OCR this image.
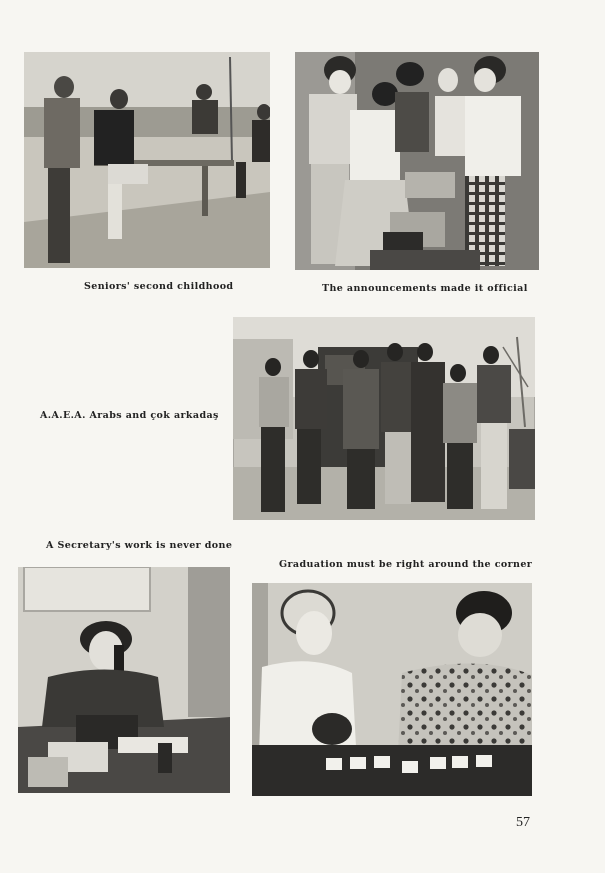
Seniors' second childhood	The announcements made it official
A.A.E.A. Arabs and çok arkadaş
A Secretary's work is never done
Graduation must be right around the corner
57
